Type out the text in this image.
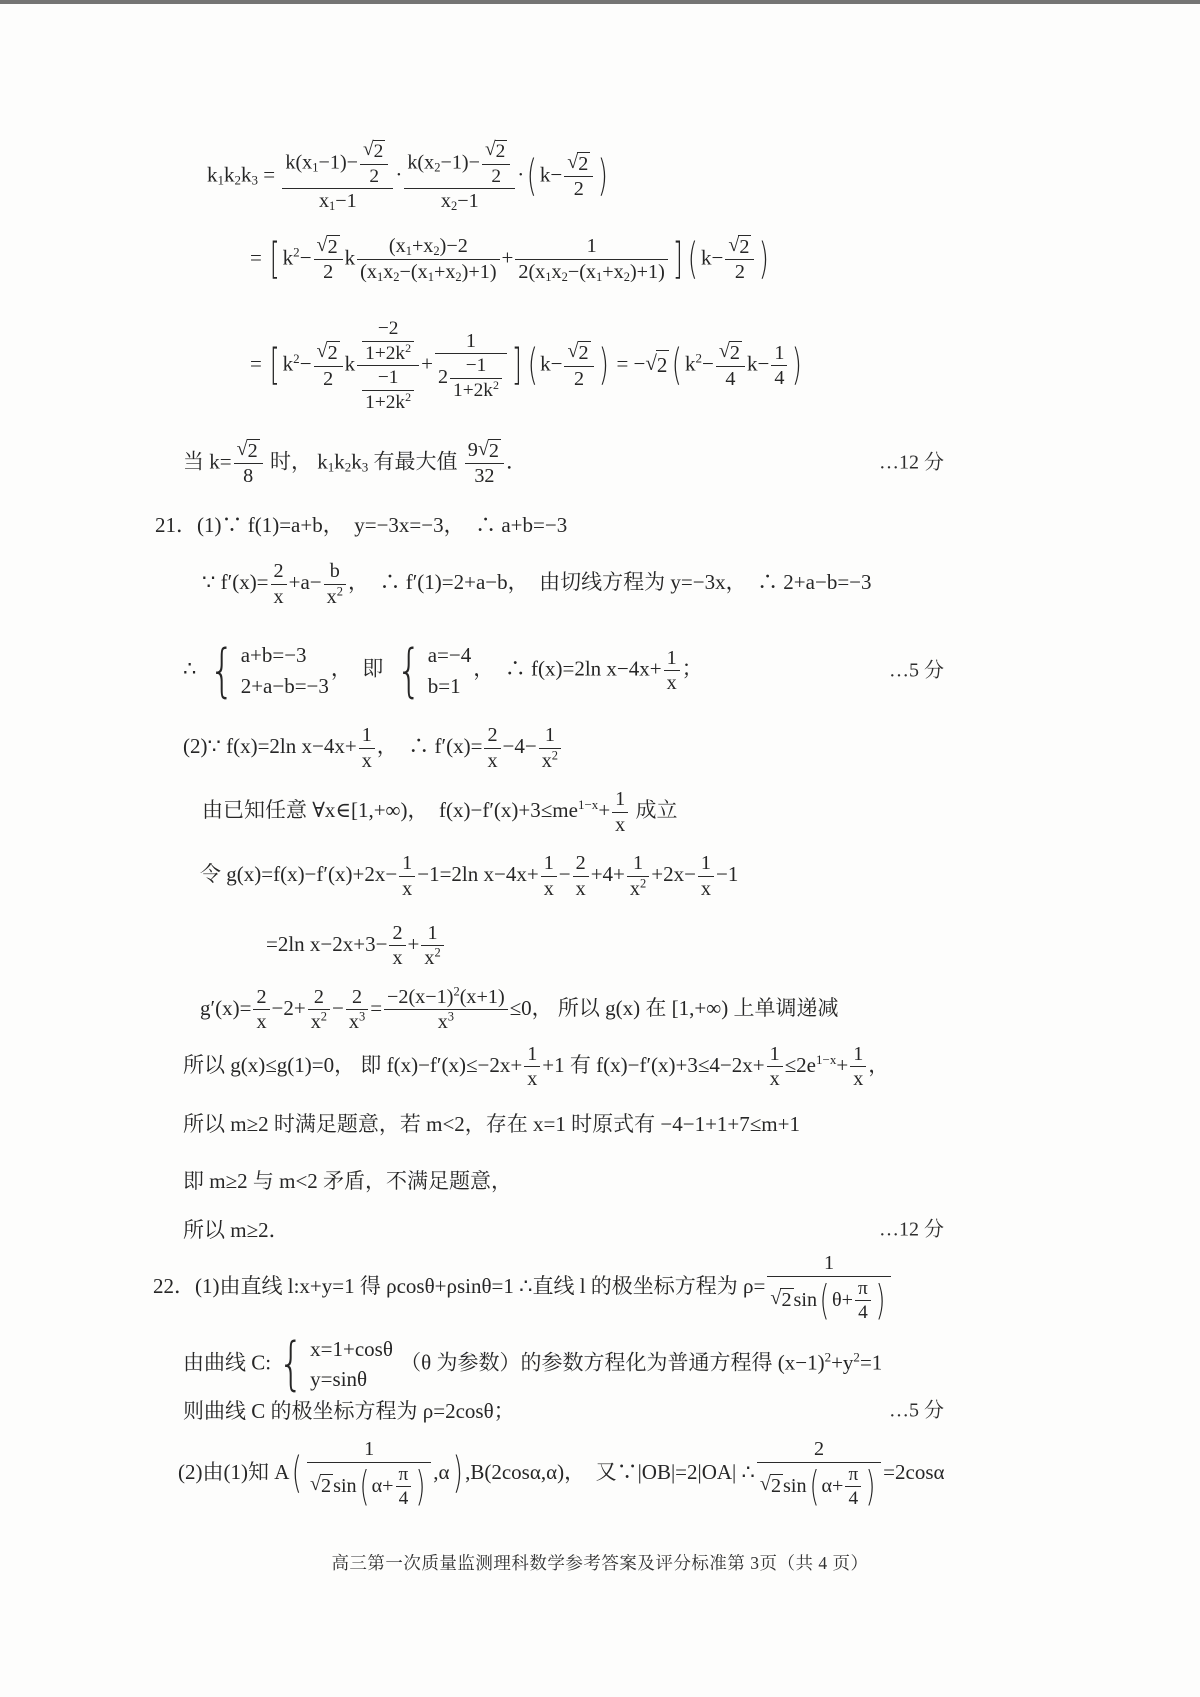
$k_1k_2k_3 = \frac{k(x_1-1)- \frac{√ 2}{2}}{x_1-1} \cdot \frac{k(x_2-1)- \frac{√ 2}{2}}{x_2-1}$ · ( $k- \frac{√ 2}{2}$ )
= [ $k^2- \frac{√ 2}{2}$ k $\frac{(x_1+x_2)-2}{(x_1x_2-(x_1+x_2)+1)} + \frac{1}{2(x_1x_2-(x_1+x_2)+1)}$ ] ( $k- \frac{√ 2}{2}$ )
= [ $k^2- \frac{√ 2}{2}$ k $\frac{\frac{-2}{1+2k^2}}{\frac{-1}{1+2k^2}} + \frac{1}{2 \frac{-1}{1+2k^2}}$ ] ( $k- \frac{√ 2}{2}$ ) = − √ 2 ( $k^2- \frac{√ 2}{4} k- \frac{1}{4}$ )
当 $k= \frac{√ 2}{8}$ 时， $k_1k_2k_3$ 有最大值 $\frac{9 √ 2}{32}$ ．	…12 分
21．(1)∵ f(1)=a+b，  y=−3x=−3，  ∴ a+b=−3
∵ $f'(x)= \frac{2}{x} +a- \frac{b}{x^2}$ ，  ∴ f′(1)=2+a−b，  由切线方程为 y=−3x，  ∴ 2+a−b=−3
∴ { a+b=−3
2+a−b=−3
，  即 { a=−4
b=1
，  ∴ f(x)=2ln $x-4x+ \frac{1}{x}$ ；	…5 分
(2)∵ f(x)=2ln $x-4x+ \frac{1}{x}$ ，  ∴ $f'(x)= \frac{2}{x} -4- \frac{1}{x^2}$
由已知任意 ∀x∈[1,+∞)，  $f(x)-f'(x)+3\le me^{1-x}+ \frac{1}{x}$ 成立
令 $g(x)=f(x)-f'(x)+2x- \frac{1}{x} -1=2\ln$ $x-4x+ \frac{1}{x} - \frac{2}{x} +4+ \frac{1}{x^2} +2x- \frac{1}{x} -1$
=2ln $x-2x+3- \frac{2}{x} + \frac{1}{x^2}$
$g'(x)= \frac{2}{x} -2+ \frac{2}{x^2} - \frac{2}{x^3} = \frac{-2(x-1)^2(x+1)}{x^3} \le 0$， 所以 g(x) 在 [1,+∞) 上单调递减
所以 g(x)≤g(1)=0， 即 $f(x)-f'(x)\le-2x+ \frac{1}{x} +1$ 有 $f(x)-f'(x)+3\le 4-2x+ \frac{1}{x} \le 2e^{1-x}+ \frac{1}{x}$ ，
所以 m≥2 时满足题意，若 m<2，存在 x=1 时原式有 −4−1+1+7≤m+1
即 m≥2 与 m<2 矛盾，不满足题意，
所以 m≥2．	…12 分
22．(1)由直线 l:x+y=1 得 ρcosθ+ρsinθ=1 ∴直线 l 的极坐标方程为 $\rho= \frac{1}{√ 2 \sin ( \theta+ \frac{\pi}{4} )}$
由曲线 C: { x=1+cosθ
y=sinθ
（θ 为参数）的参数方程化为普通方程得 $(x-1)^2+y^2=1$
则曲线 C 的极坐标方程为 ρ=2cosθ；	…5 分
(2)由(1)知 A ( $\frac{1}{√ 2 \sin ( \alpha+ \frac{\pi}{4} )} ,\alpha$ ) ,B(2cosα,α)，  又∵|OB|=2|OA| ∴ $\frac{2}{√ 2 \sin ( \alpha+ \frac{\pi}{4} )} =2\cos\alpha$
高三第一次质量监测理科数学参考答案及评分标准第 3页（共 4 页）
